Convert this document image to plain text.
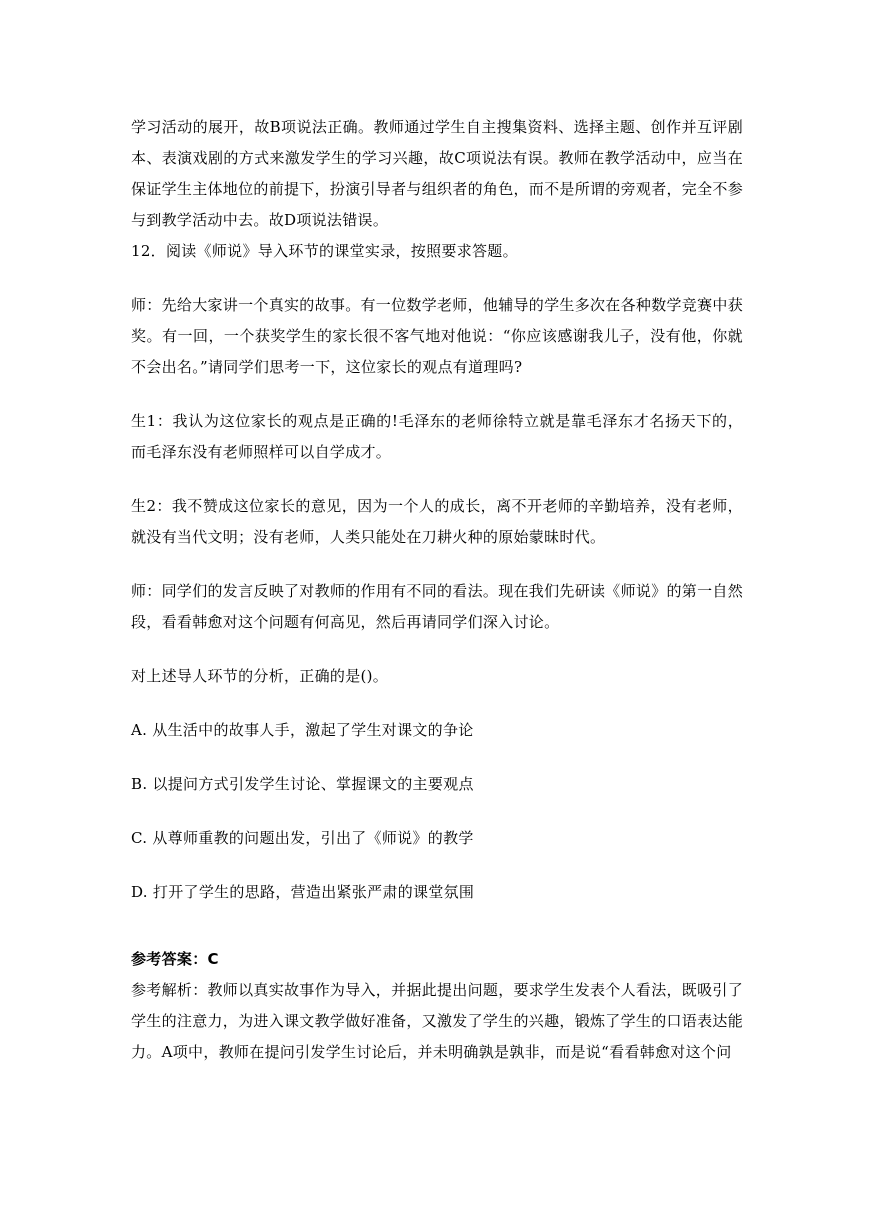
学习活动的展开，故B项说法正确。教师通过学生自主搜集资料、选择主题、创作并互评剧本、表演戏剧的方式来激发学生的学习兴趣，故C项说法有误。教师在教学活动中，应当在保证学生主体地位的前提下，扮演引导者与组织者的角色，而不是所谓的旁观者，完全不参与到教学活动中去。故D项说法错误。

12．阅读《师说》导入环节的课堂实录，按照要求答题。

师：先给大家讲一个真实的故事。有一位数学老师，他辅导的学生多次在各种数学竞赛中获奖。有一回，一个获奖学生的家长很不客气地对他说：“你应该感谢我儿子，没有他，你就不会出名。”请同学们思考一下，这位家长的观点有道理吗?

生1：我认为这位家长的观点是正确的!毛泽东的老师徐特立就是靠毛泽东才名扬天下的，而毛泽东没有老师照样可以自学成才。

生2：我不赞成这位家长的意见，因为一个人的成长，离不开老师的辛勤培养，没有老师，就没有当代文明；没有老师，人类只能处在刀耕火种的原始蒙昧时代。

师：同学们的发言反映了对教师的作用有不同的看法。现在我们先研读《师说》的第一自然段，看看韩愈对这个问题有何高见，然后再请同学们深入讨论。

对上述导人环节的分析，正确的是()。

A. 从生活中的故事人手，激起了学生对课文的争论

B. 以提问方式引发学生讨论、掌握课文的主要观点

C. 从尊师重教的问题出发，引出了《师说》的教学

D. 打开了学生的思路，营造出紧张严肃的课堂氛围

参考答案：C

参考解析：教师以真实故事作为导入，并据此提出问题，要求学生发表个人看法，既吸引了学生的注意力，为进入课文教学做好准备，又激发了学生的兴趣，锻炼了学生的口语表达能力。A项中，教师在提问引发学生讨论后，并未明确孰是孰非，而是说“看看韩愈对这个问
